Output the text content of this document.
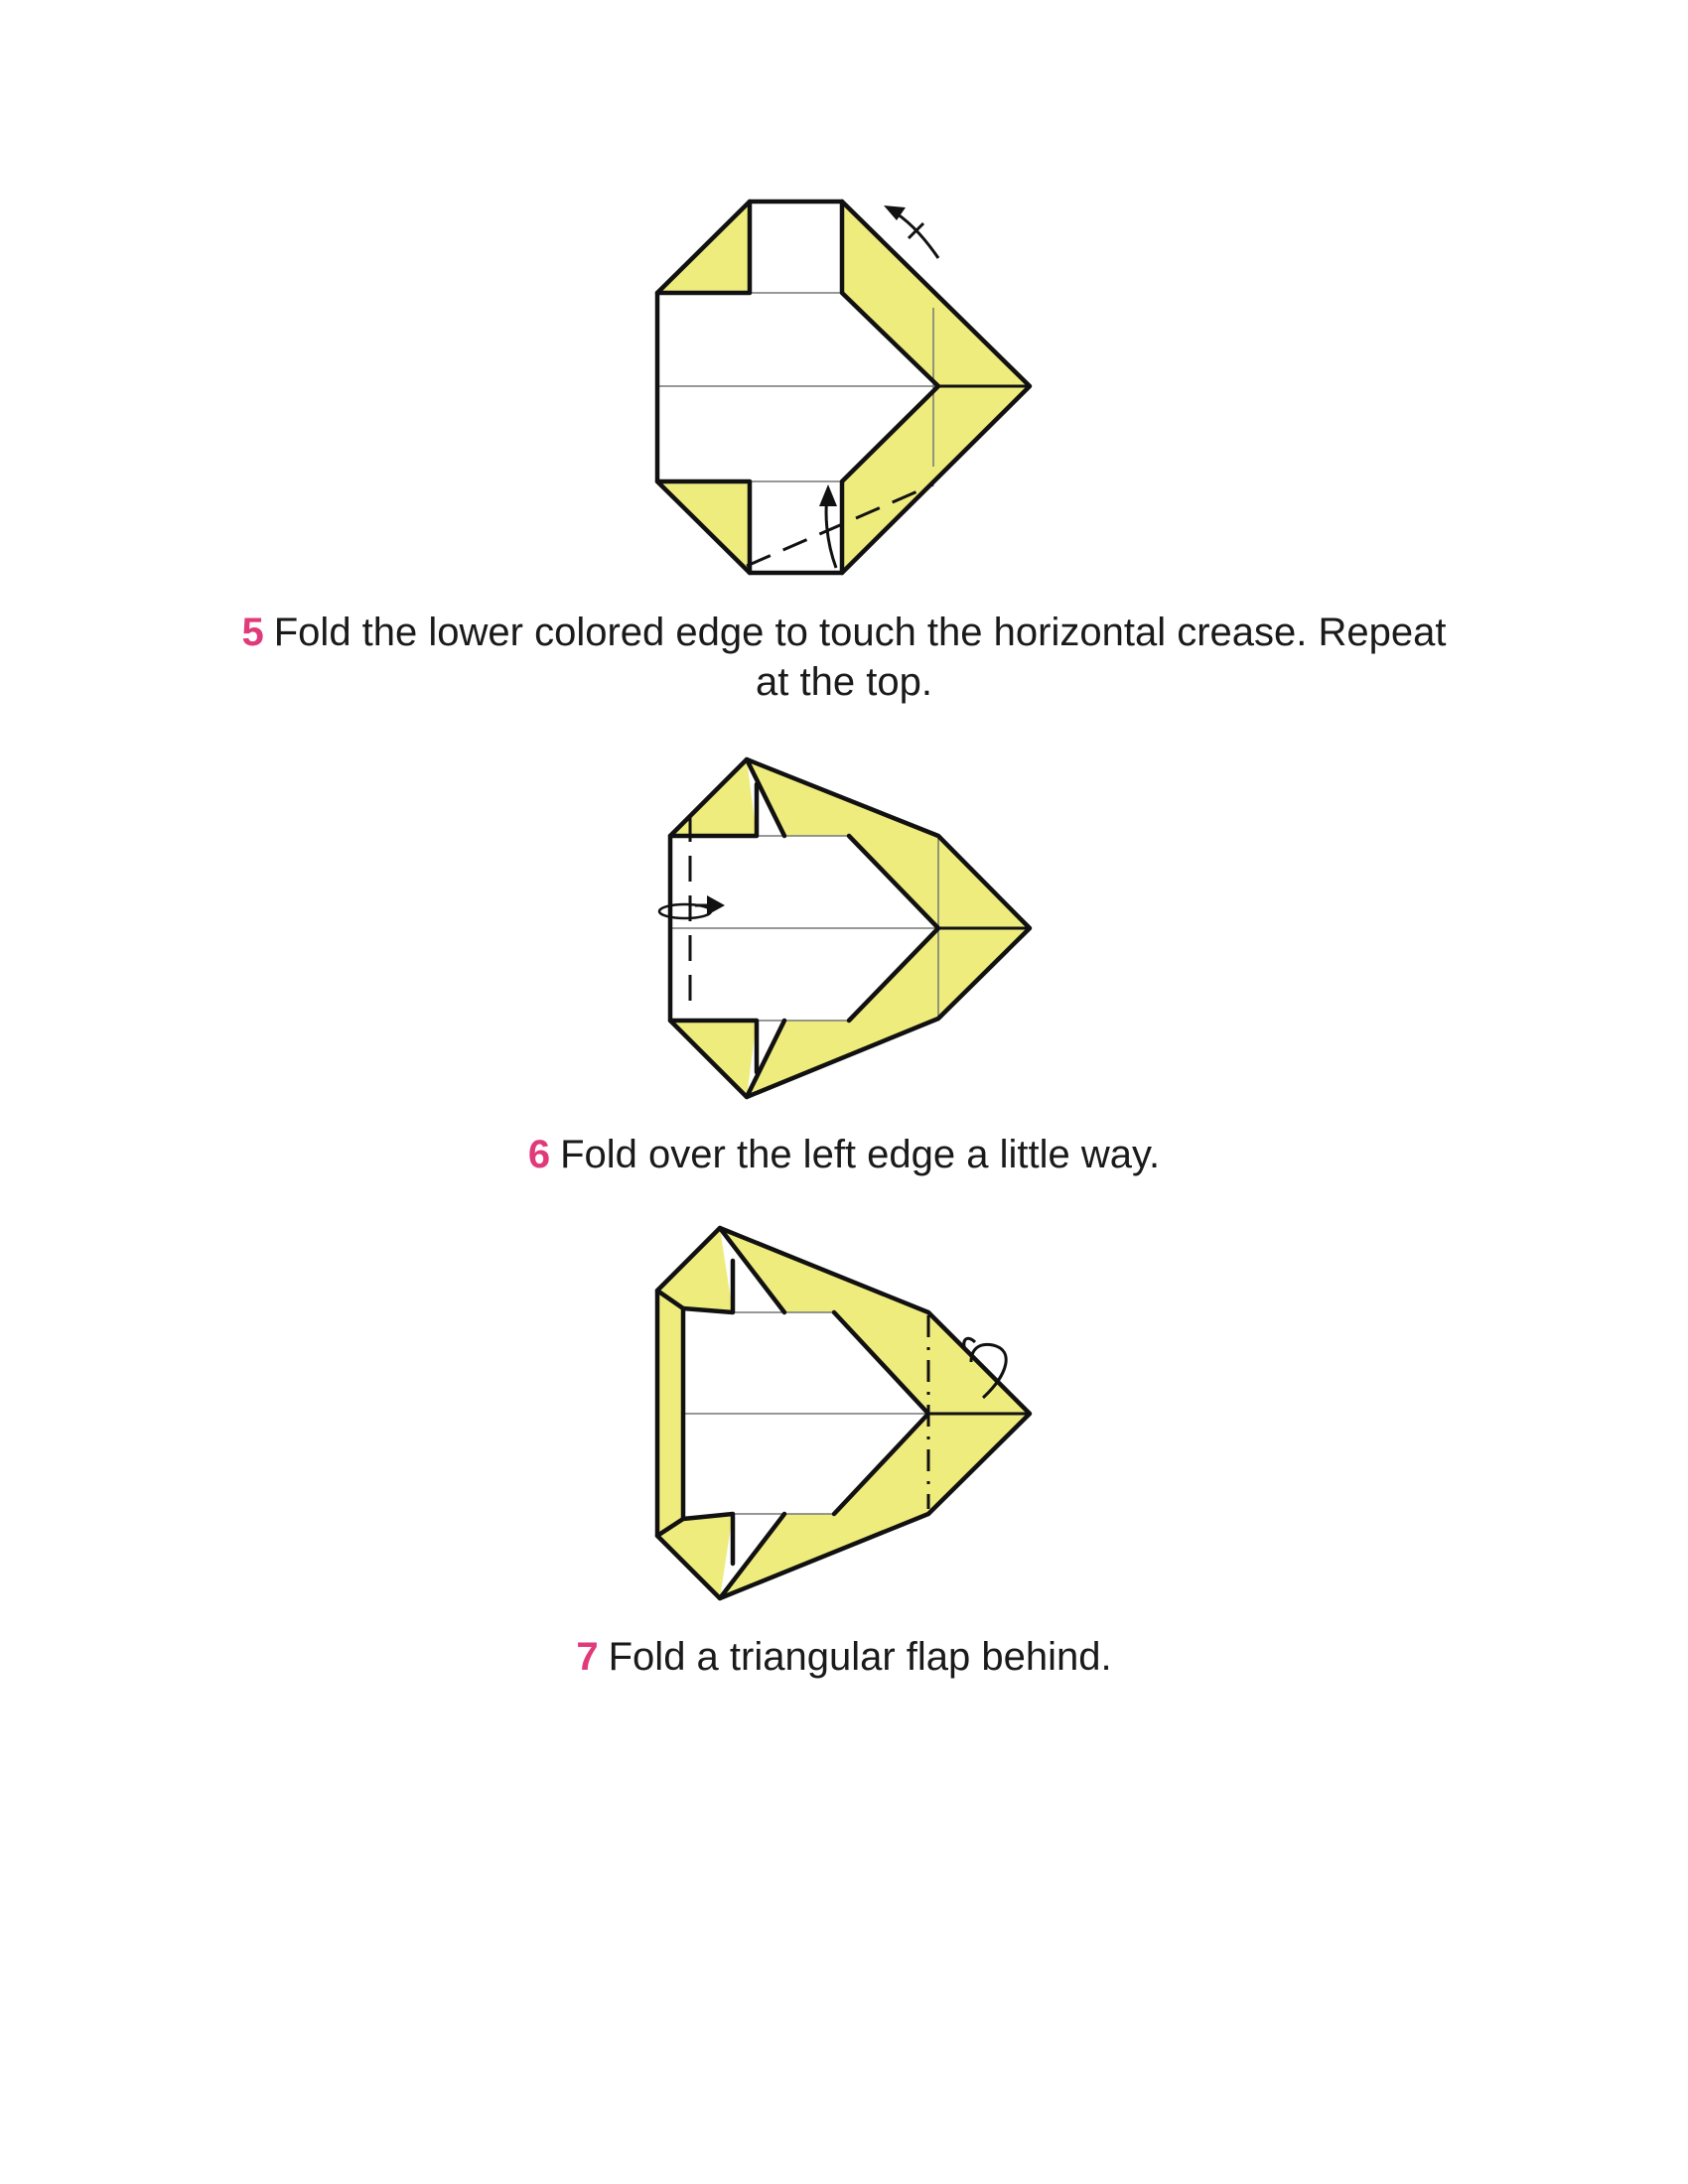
5 Fold the lower colored edge to touch the horizontal crease. Repeat
at the top.
6 Fold over the left edge a little way.
7 Fold a triangular flap behind.
